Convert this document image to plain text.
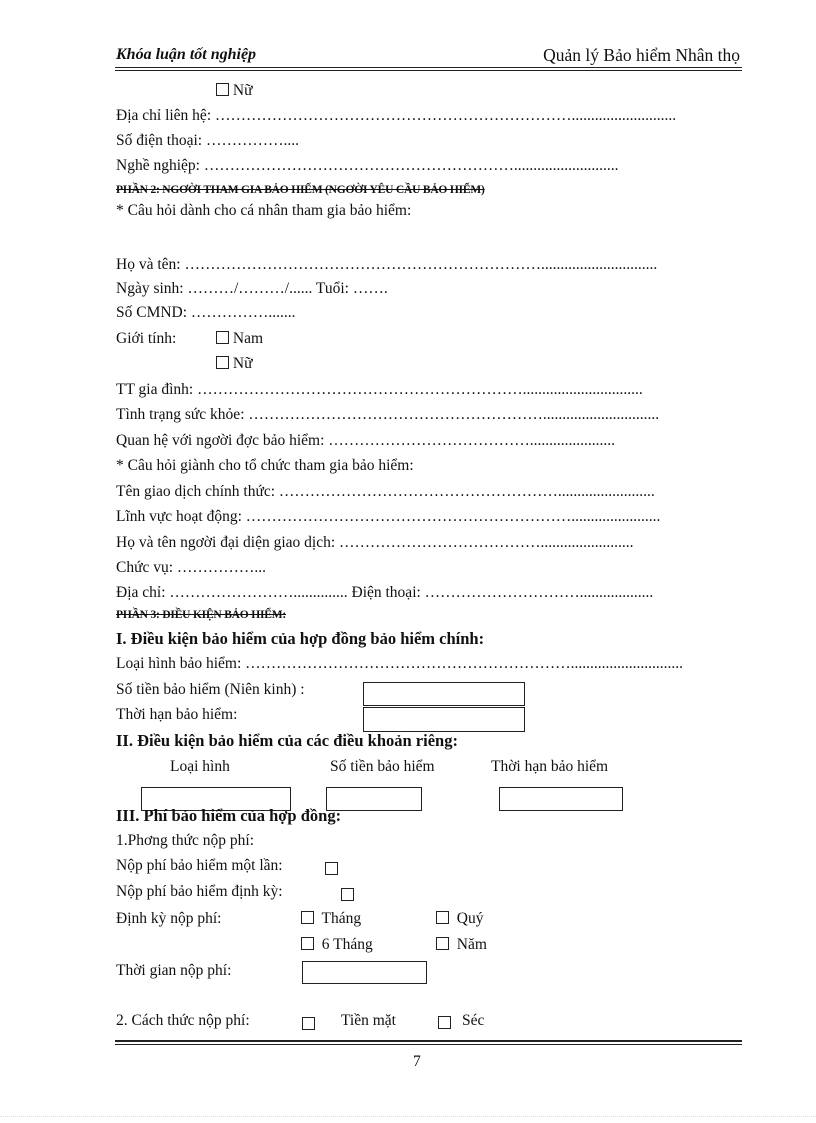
Khóa luận tốt nghiệp	Quản lý Bảo hiểm Nhân thọ
Nữ
Địa chỉ liên hệ: ……………………………………………………………...........................
Số điện thoại: ……………....
Nghề nghiệp: ……………………………………………………...........................
PHẦN 2: NGƠỜI THAM GIA BẢO HIỂM (NGƠỜI YÊU CẦU BẢO HIỂM)
* Câu hỏi dành cho cá nhân tham gia bảo hiểm:
Họ và tên: ……………………………………………………………..............................
Ngày sinh: ………/………/...... Tuổi: …….
Số CMND: …………….......
Giới tính:	Nam
Nữ
TT gia đình: ………………………………………………………...............................
Tình trạng sức khỏe: …………………………………………………..............................
Quan hệ với ngơời đợc bảo hiểm: …………………………………......................
* Câu hỏi giành cho tổ chức tham gia bảo hiểm:
Tên giao dịch chính thức: ……………………………………………….........................
Lĩnh vực hoạt động: ……………………………………………………….......................
Họ và tên ngơời đại diện giao dịch: …………………………………........................
Chức vụ: ……………...
Địa chỉ: …………………….............. Điện thoại: …………………………...................
PHẦN 3: ĐIỀU KIỆN BẢO HIỂM:
I. Điều kiện bảo hiểm của hợp đồng bảo hiểm chính:
Loại hình bảo hiểm: ……………………………………………………….............................
Số tiền bảo hiểm (Niên kinh) :
Thời hạn bảo hiểm:
II. Điều kiện bảo hiểm của các điều khoản riêng:
Loại hình	Số tiền bảo hiểm	Thời hạn bảo hiểm
III. Phí bảo hiểm của hợp đồng:
1.Phơng thức nộp phí:
Nộp phí bảo hiểm một lần:
Nộp phí bảo hiểm định kỳ:
Định kỳ nộp phí:	Tháng	Quý
6 Tháng	Năm
Thời gian nộp phí:
2. Cách thức nộp phí:	Tiền mặt	Séc
7
